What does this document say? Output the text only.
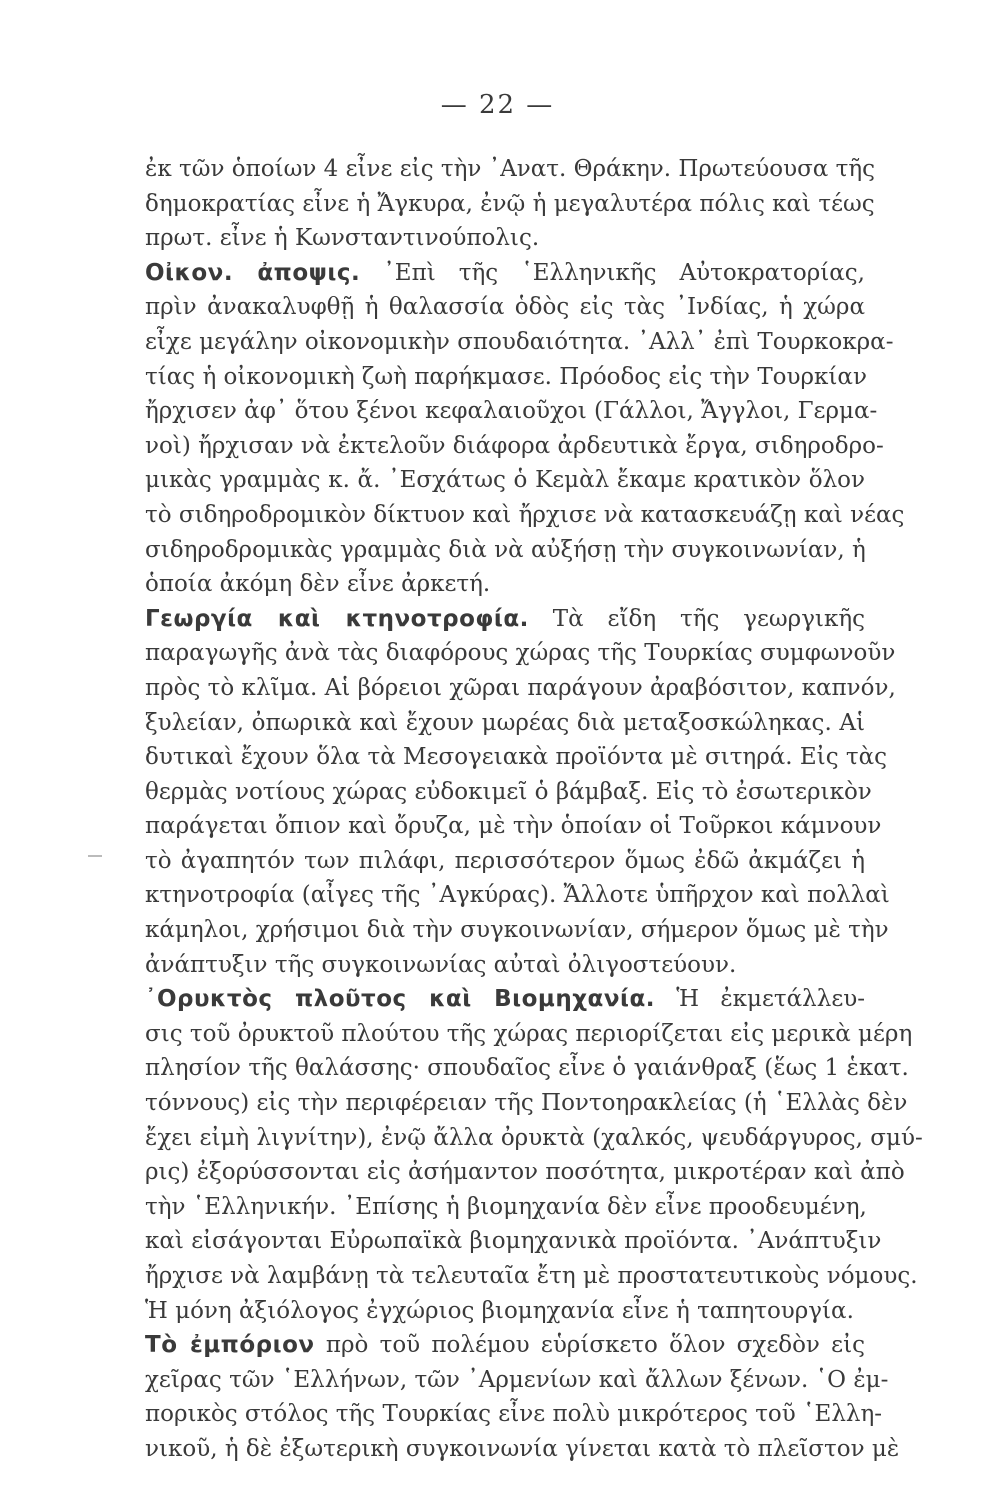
— 22 —
ἐκ τῶν ὁποίων 4 εἶνε εἰς τὴν ᾿Ανατ. Θράκην. Πρωτεύουσα τῆς
δημοκρατίας εἶνε ἡ Ἄγκυρα, ἐνῷ ἡ μεγαλυτέρα πόλις καὶ τέως
πρωτ. εἶνε ἡ Κωνσταντινούπολις.
Οἰκον. ἀποψις. ᾿Επὶ τῆς ῾Ελληνικῆς Αὐτοκρατορίας,
πρὶν ἀνακαλυφθῇ ἡ θαλασσία ὁδὸς εἰς τὰς ᾿Ινδίας, ἡ χώρα
εἶχε μεγάλην οἰκονομικὴν σπουδαιότητα. ᾿Αλλ᾿ ἐπὶ Τουρκοκρα-
τίας ἡ οἰκονομικὴ ζωὴ παρήκμασε. Πρόοδος εἰς τὴν Τουρκίαν
ἤρχισεν ἀφ᾿ ὅτου ξένοι κεφαλαιοῦχοι (Γάλλοι, Ἄγγλοι, Γερμα-
νοὶ) ἤρχισαν νὰ ἐκτελοῦν διάφορα ἀρδευτικὰ ἔργα, σιδηροδρο-
μικὰς γραμμὰς κ. ἄ. ᾿Εσχάτως ὁ Κεμὰλ ἔκαμε κρατικὸν ὅλον
τὸ σιδηροδρομικὸν δίκτυον καὶ ἤρχισε νὰ κατασκευάζῃ καὶ νέας
σιδηροδρομικὰς γραμμὰς διὰ νὰ αὐξήσῃ τὴν συγκοινωνίαν, ἡ
ὁποία ἀκόμη δὲν εἶνε ἀρκετή.
Γεωργία καὶ κτηνοτροφία. Τὰ εἴδη τῆς γεωργικῆς
παραγωγῆς ἀνὰ τὰς διαφόρους χώρας τῆς Τουρκίας συμφωνοῦν
πρὸς τὸ κλῖμα. Αἱ βόρειοι χῶραι παράγουν ἀραβόσιτον, καπνόν,
ξυλείαν, ὀπωρικὰ καὶ ἔχουν μωρέας διὰ μεταξοσκώληκας. Αἱ
δυτικαὶ ἔχουν ὅλα τὰ Μεσογειακὰ προϊόντα μὲ σιτηρά. Εἰς τὰς
θερμὰς νοτίους χώρας εὐδοκιμεῖ ὁ βάμβαξ. Εἰς τὸ ἐσωτερικὸν
παράγεται ὄπιον καὶ ὄρυζα, μὲ τὴν ὁποίαν οἱ Τοῦρκοι κάμνουν
τὸ ἀγαπητόν των πιλάφι, περισσότερον ὅμως ἐδῶ ἀκμάζει ἡ
κτηνοτροφία (αἶγες τῆς ᾿Αγκύρας). Ἄλλοτε ὑπῆρχον καὶ πολλαὶ
κάμηλοι, χρήσιμοι διὰ τὴν συγκοινωνίαν, σήμερον ὅμως μὲ τὴν
ἀνάπτυξιν τῆς συγκοινωνίας αὐταὶ ὀλιγοστεύουν.
᾿Ορυκτὸς πλοῦτος καὶ Βιομηχανία. Ἡ ἐκμετάλλευ-
σις τοῦ ὀρυκτοῦ πλούτου τῆς χώρας περιορίζεται εἰς μερικὰ μέρη
πλησίον τῆς θαλάσσης· σπουδαῖος εἶνε ὁ γαιάνθραξ (ἕως 1 ἑκατ.
τόννους) εἰς τὴν περιφέρειαν τῆς Ποντοηρακλείας (ἡ ῾Ελλὰς δὲν
ἔχει εἰμὴ λιγνίτην), ἐνῷ ἄλλα ὀρυκτὰ (χαλκός, ψευδάργυρος, σμύ-
ρις) ἐξορύσσονται εἰς ἀσήμαντον ποσότητα, μικροτέραν καὶ ἀπὸ
τὴν ῾Ελληνικήν. ᾿Επίσης ἡ βιομηχανία δὲν εἶνε προοδευμένη,
καὶ εἰσάγονται Εὐρωπαϊκὰ βιομηχανικὰ προϊόντα. ᾿Ανάπτυξιν
ἤρχισε νὰ λαμβάνῃ τὰ τελευταῖα ἔτη μὲ προστατευτικοὺς νόμους.
Ἡ μόνη ἀξιόλογος ἐγχώριος βιομηχανία εἶνε ἡ ταπητουργία.
Τὸ ἐμπόριον πρὸ τοῦ πολέμου εὑρίσκετο ὅλον σχεδὸν εἰς
χεῖρας τῶν ῾Ελλήνων, τῶν ᾿Αρμενίων καὶ ἄλλων ξένων. ῾Ο ἐμ-
πορικὸς στόλος τῆς Τουρκίας εἶνε πολὺ μικρότερος τοῦ ῾Ελλη-
νικοῦ, ἡ δὲ ἐξωτερικὴ συγκοινωνία γίνεται κατὰ τὸ πλεῖστον μὲ
